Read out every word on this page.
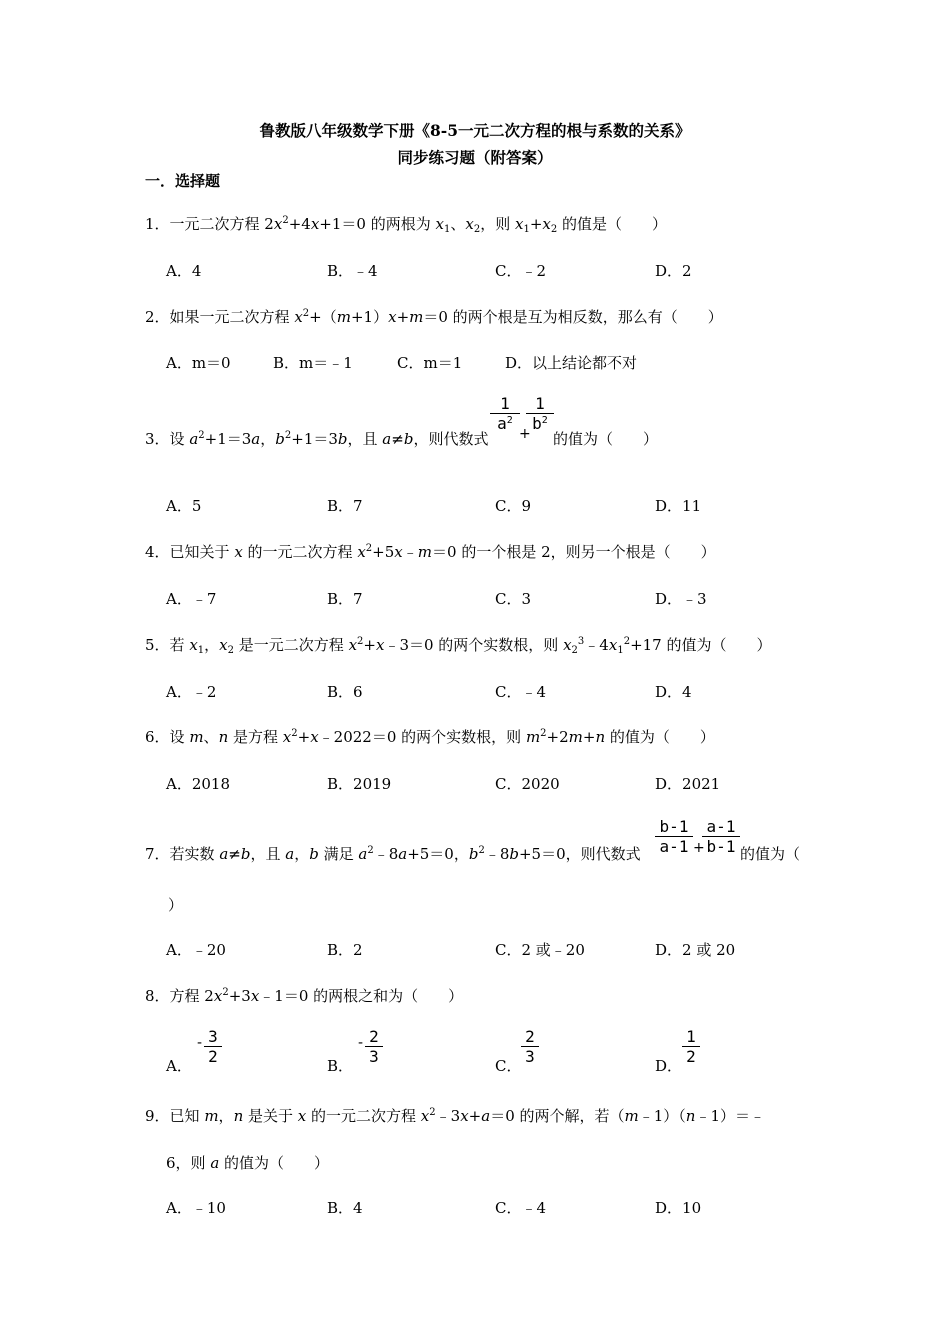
鲁教版八年级数学下册《8-5一元二次方程的根与系数的关系》
同步练习题（附答案）
一．选择题
1．一元二次方程 $2x^2+4x+1=0$ 的两根为 $x_1$、$x_2$，则 $x_1+x_2$ 的值是（　　）
A．4	B．﹣4	C．﹣2	D．2
2．如果一元二次方程 $x^2+(m+1)x+m=0$ 的两个根是互为相反数，那么有（　　）
A．m＝0	B．m＝﹣1	C．m＝1	D．以上结论都不对
3．设 $a^2+1=3a$，$b^2+1=3b$，且 a≠b，则代数式
1
$a^2$
+
1
$b^2$
的值为（　　）
A．5	B．7	C．9	D．11
4．已知关于 x 的一元二次方程 $x^2+5x﹣m=0$ 的一个根是 2，则另一个根是（　　）
A．﹣7	B．7	C．3	D．﹣3
5．若 $x_1$，$x_2$ 是一元二次方程 $x^2+x﹣3=0$ 的两个实数根，则 $x_2^3﹣4x_1^2+17$ 的值为（　　）
A．﹣2	B．6	C．﹣4	D．4
6．设 m、n 是方程 $x^2+x﹣2022=0$ 的两个实数根，则 $m^2+2m+n$ 的值为（　　）
A．2018	B．2019	C．2020	D．2021
7．若实数 a≠b，且 a，b 满足 $a^2﹣8a+5=0$，$b^2﹣8b+5=0$，则代数式
b-1
a-1 +
a-1
b-1 的值为（
）
A．﹣20	B．2	C．2 或﹣20	D．2 或 20
8．方程 $2x^2+3x﹣1=0$ 的两根之和为（　　）
A．
- 3
2	B．
- 2
3	C．
2
3	D．
1
2
9．已知 m，n 是关于 x 的一元二次方程 $x^2﹣3x+a=0$ 的两个解，若（m﹣1）（n﹣1）＝﹣
6，则 a 的值为（　　）
A．﹣10	B．4	C．﹣4	D．10
